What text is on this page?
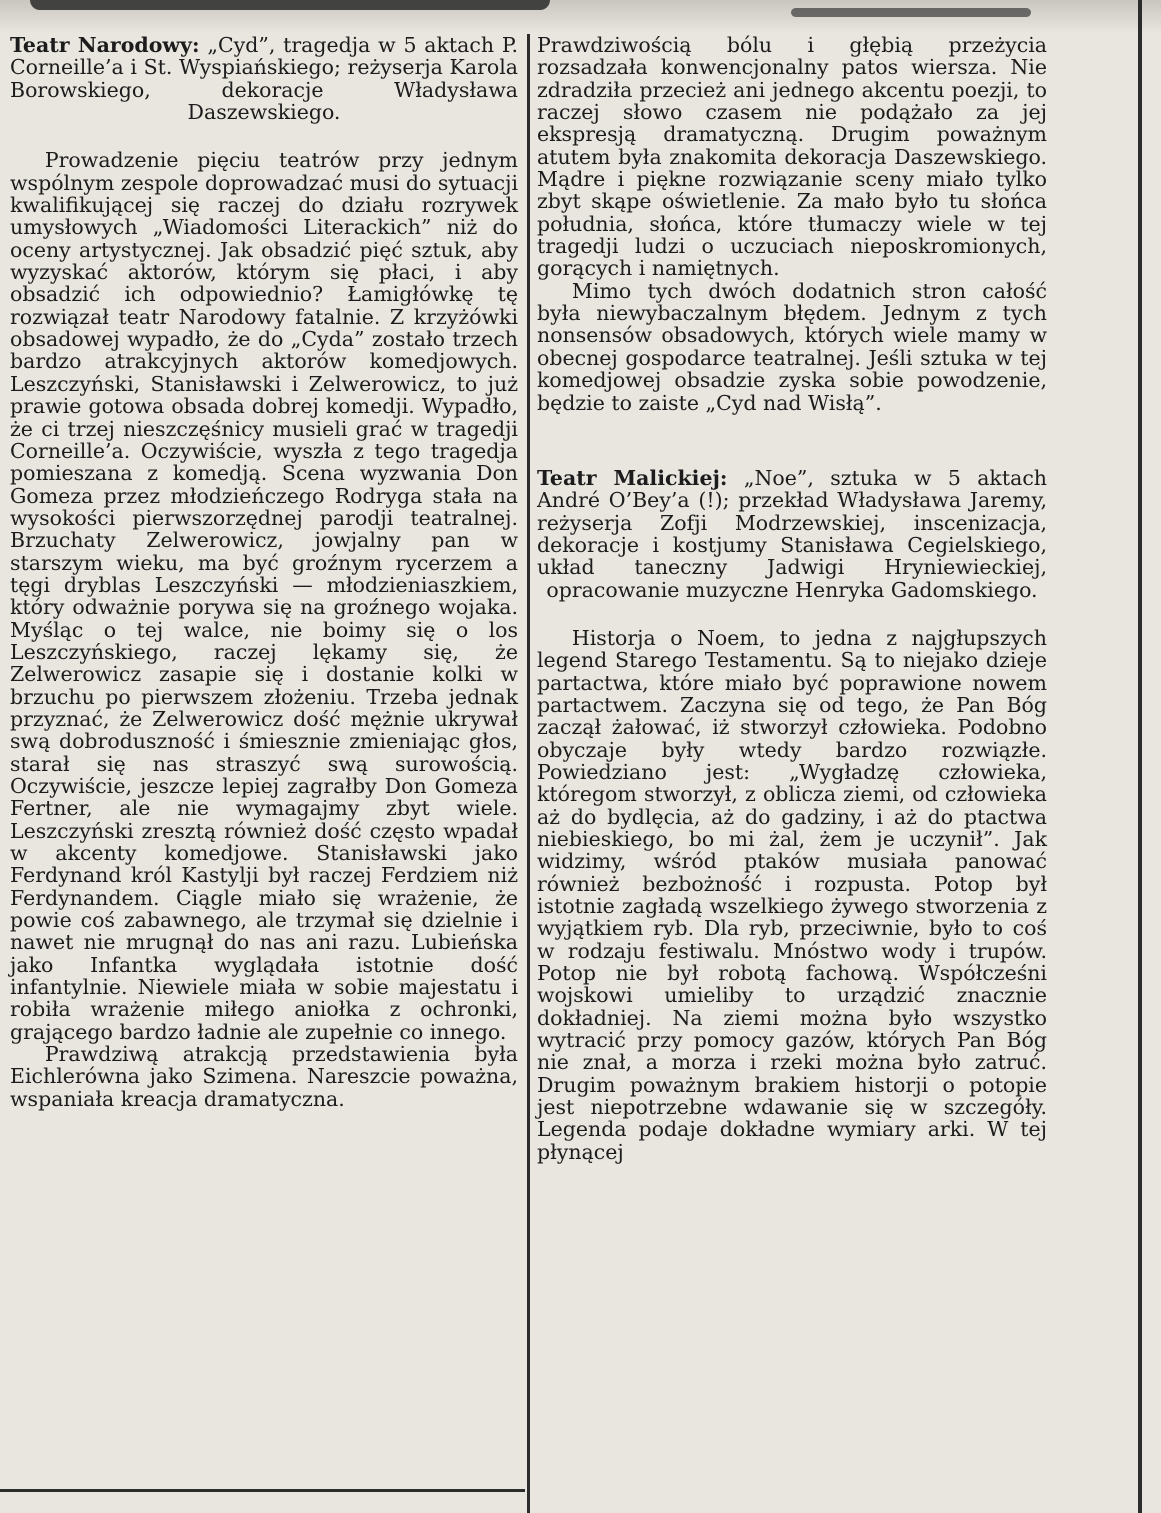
Teatr Narodowy: „Cyd”, tragedja w 5 aktach P. Corneille’a i St. Wyspiańskiego; reżyserja Karola Borowskiego, dekoracje Władysława Daszewskiego.

Prowadzenie pięciu teatrów przy jednym wspólnym zespole doprowadzać musi do sytuacji kwalifikującej się raczej do działu rozrywek umysłowych „Wiadomości Literackich” niż do oceny artystycznej. Jak obsadzić pięć sztuk, aby wyzyskać aktorów, którym się płaci, i aby obsadzić ich odpowiednio? Łamigłówkę tę rozwiązał teatr Narodowy fatalnie. Z krzyżówki obsadowej wypadło, że do „Cyda” zostało trzech bardzo atrakcyjnych aktorów komedjowych. Leszczyński, Stanisławski i Zelwerowicz, to już prawie gotowa obsada dobrej komedji. Wypadło, że ci trzej nieszczęśnicy musieli grać w tragedji Corneille’a. Oczywiście, wyszła z tego tragedja pomieszana z komedją. Scena wyzwania Don Gomeza przez młodzieńczego Rodryga stała na wysokości pierwszorzędnej parodji teatralnej. Brzuchaty Zelwerowicz, jowjalny pan w starszym wieku, ma być groźnym rycerzem a tęgi dryblas Leszczyński — młodzieniaszkiem, który odważnie porywa się na groźnego wojaka. Myśląc o tej walce, nie boimy się o los Leszczyńskiego, raczej lękamy się, że Zelwerowicz zasapie się i dostanie kolki w brzuchu po pierwszem złożeniu. Trzeba jednak przyznać, że Zelwerowicz dość mężnie ukrywał swą dobroduszność i śmiesznie zmieniając głos, starał się nas straszyć swą surowością. Oczywiście, jeszcze lepiej zagrałby Don Gomeza Fertner, ale nie wymagajmy zbyt wiele. Leszczyński zresztą również dość często wpadał w akcenty komedjowe. Stanisławski jako Ferdynand król Kastylji był raczej Ferdziem niż Ferdynandem. Ciągle miało się wrażenie, że powie coś zabawnego, ale trzymał się dzielnie i nawet nie mrugnął do nas ani razu. Lubieńska jako Infantka wyglądała istotnie dość infantylnie. Niewiele miała w sobie majestatu i robiła wrażenie miłego aniołka z ochronki, grającego bardzo ładnie ale zupełnie co innego.

Prawdziwą atrakcją przedstawienia była Eichlerówna jako Szimena. Nareszcie poważna, wspaniała kreacja dramatyczna.

Prawdziwością bólu i głębią przeżycia rozsadzała konwencjonalny patos wiersza. Nie zdradziła przecież ani jednego akcentu poezji, to raczej słowo czasem nie podążało za jej ekspresją dramatyczną. Drugim poważnym atutem była znakomita dekoracja Daszewskiego. Mądre i piękne rozwiązanie sceny miało tylko zbyt skąpe oświetlenie. Za mało było tu słońca południa, słońca, które tłumaczy wiele w tej tragedji ludzi o uczuciach nieposkromionych, gorących i namiętnych.

Mimo tych dwóch dodatnich stron całość była niewybaczalnym błędem. Jednym z tych nonsensów obsadowych, których wiele mamy w obecnej gospodarce teatralnej. Jeśli sztuka w tej komedjowej obsadzie zyska sobie powodzenie, będzie to zaiste „Cyd nad Wisłą”.

Teatr Malickiej: „Noe”, sztuka w 5 aktach André O’Bey’a (!); przekład Władysława Jaremy, reżyserja Zofji Modrzewskiej, inscenizacja, dekoracje i kostjumy Stanisława Cegielskiego, układ taneczny Jadwigi Hryniewieckiej, opracowanie muzyczne Henryka Gadomskiego.

Historja o Noem, to jedna z najgłupszych legend Starego Testamentu. Są to niejako dzieje partactwa, które miało być poprawione nowem partactwem. Zaczyna się od tego, że Pan Bóg zaczął żałować, iż stworzył człowieka. Podobno obyczaje były wtedy bardzo rozwiązłe. Powiedziano jest: „Wygładzę człowieka, któregom stworzył, z oblicza ziemi, od człowieka aż do bydlęcia, aż do gadziny, i aż do ptactwa niebieskiego, bo mi żal, żem je uczynił”. Jak widzimy, wśród ptaków musiała panować również bezbożność i rozpusta. Potop był istotnie zagładą wszelkiego żywego stworzenia z wyjątkiem ryb. Dla ryb, przeciwnie, było to coś w rodzaju festiwalu. Mnóstwo wody i trupów. Potop nie był robotą fachową. Współcześni wojskowi umieliby to urządzić znacznie dokładniej. Na ziemi można było wszystko wytracić przy pomocy gazów, których Pan Bóg nie znał, a morza i rzeki można było zatruć. Drugim poważnym brakiem historji o potopie jest niepotrzebne wdawanie się w szczegóły. Legenda podaje dokładne wymiary arki. W tej płynącej
